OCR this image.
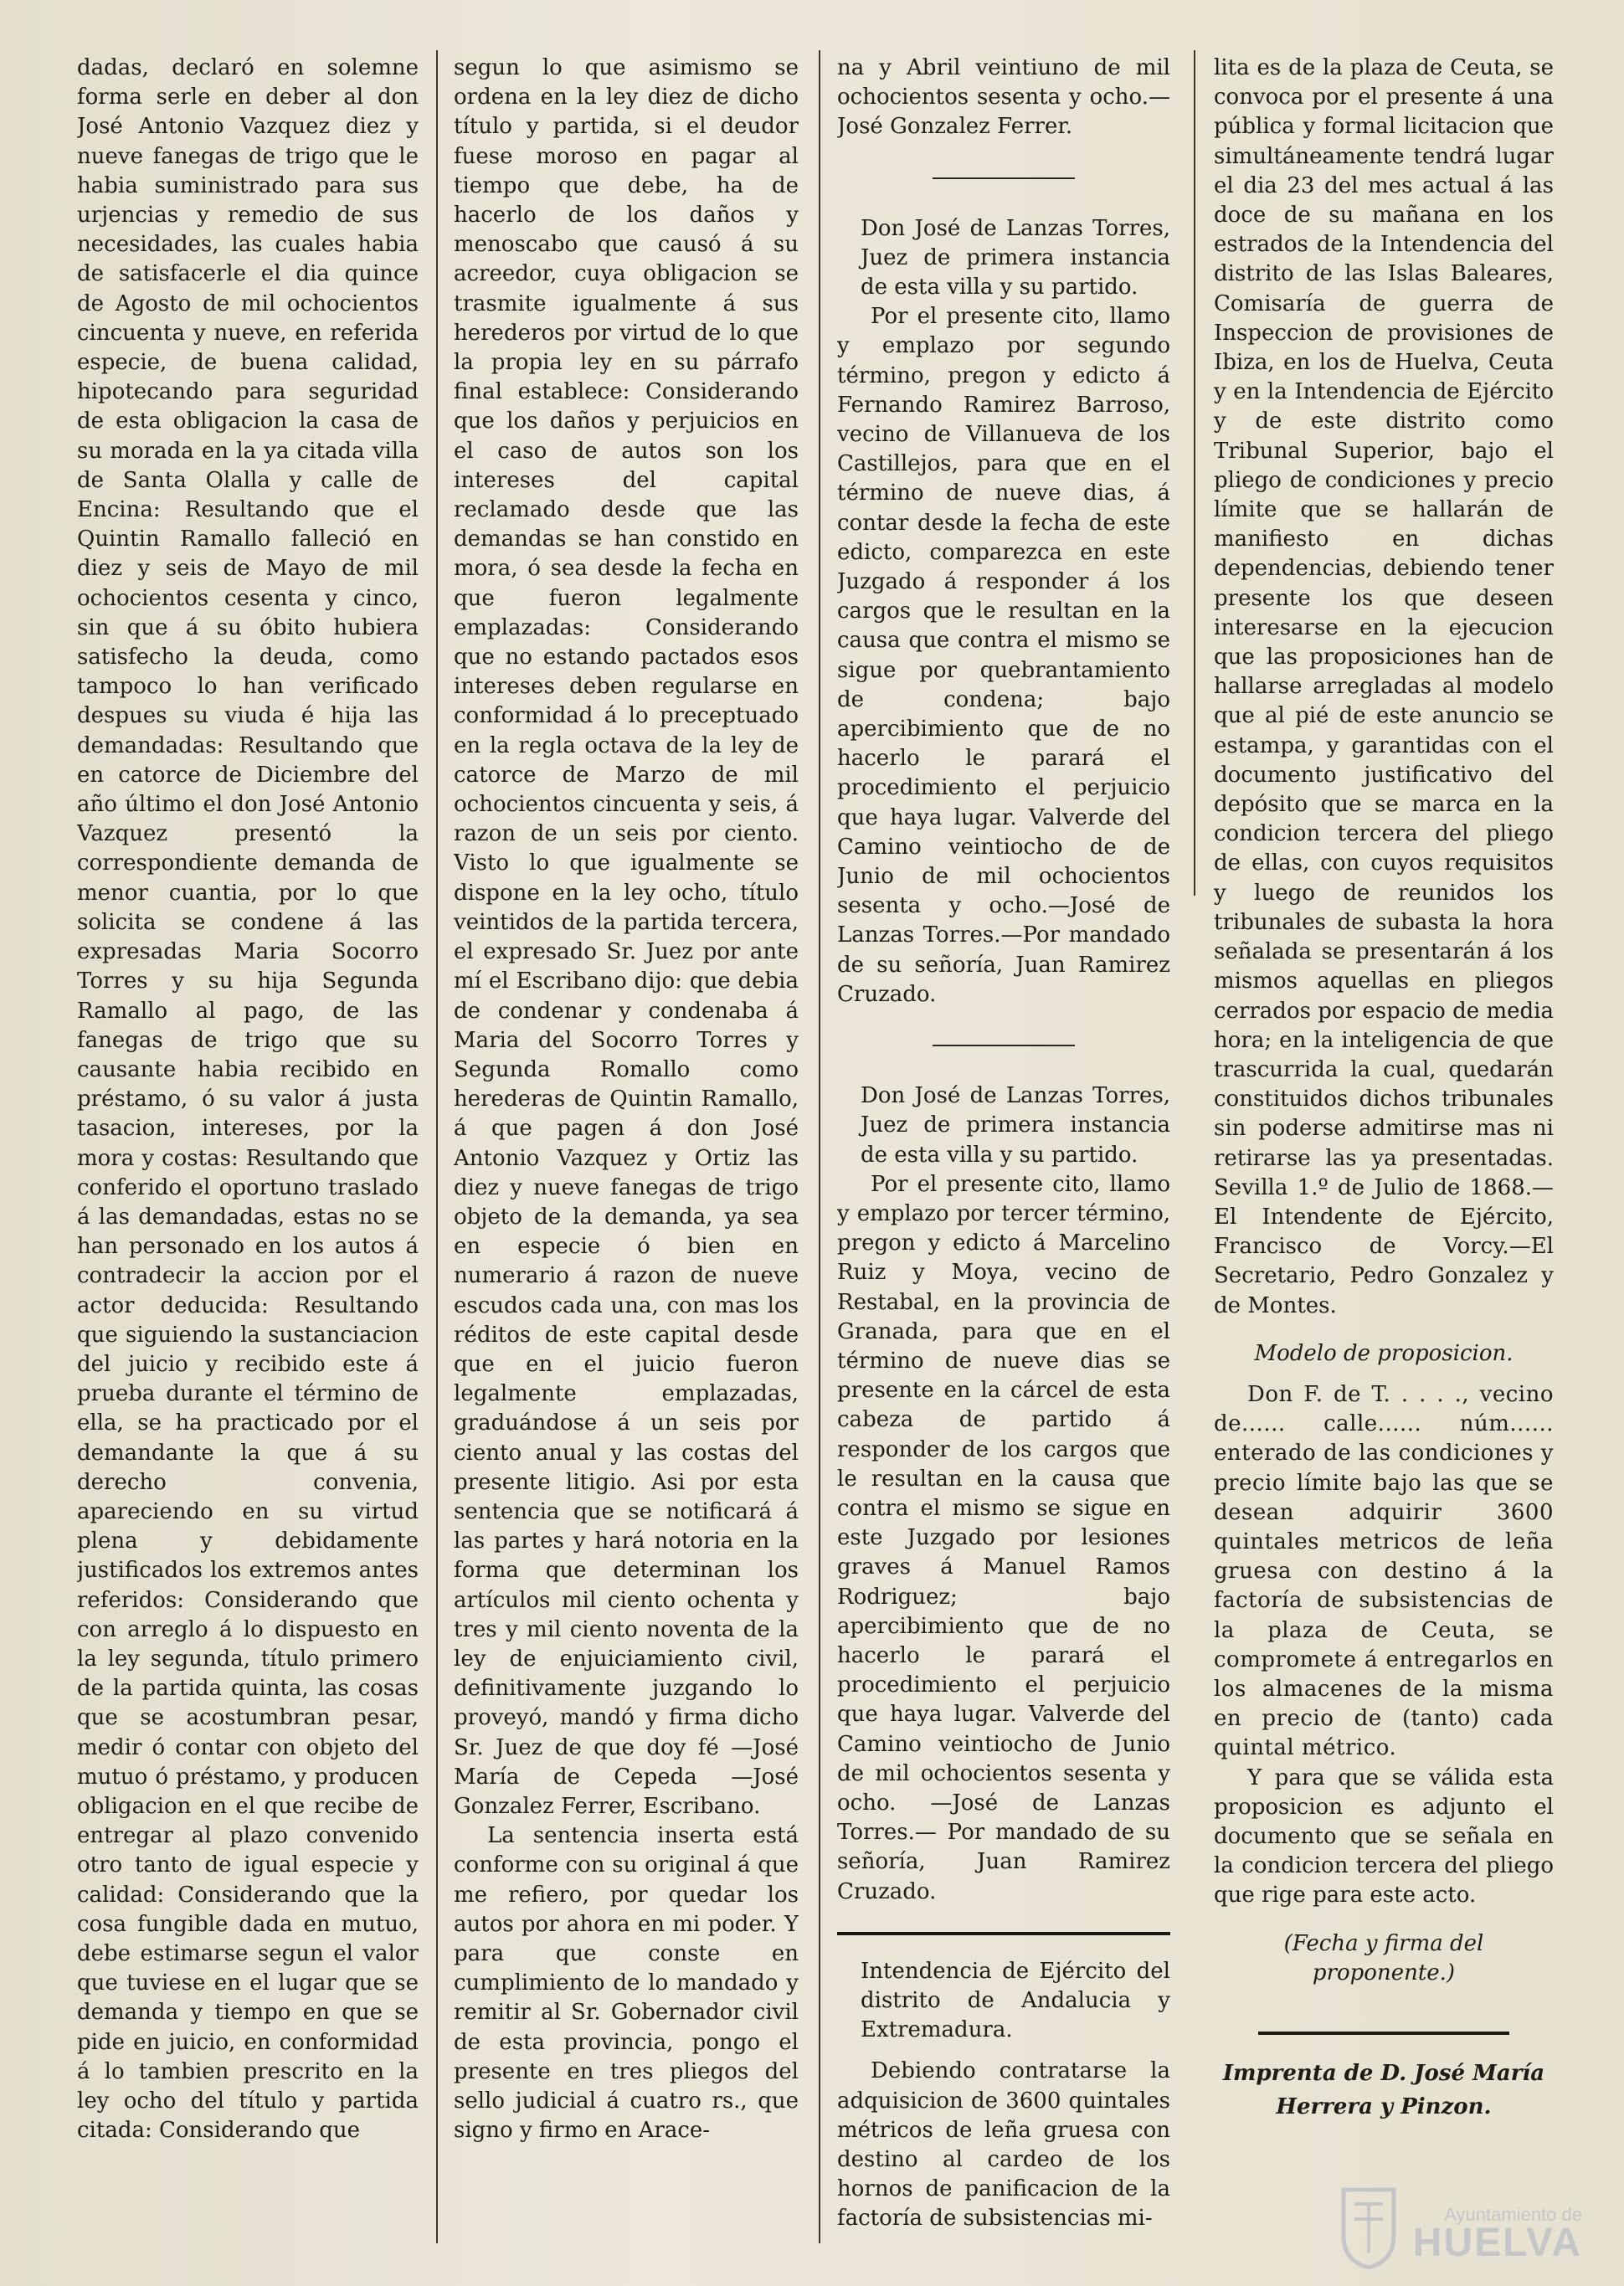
dadas, declaró en solemne forma serle en deber al don José Antonio Vazquez diez y nueve fanegas de trigo que le habia suministrado para sus urjencias y remedio de sus necesidades, las cuales habia de satisfacerle el dia quince de Agosto de mil ochocientos cincuenta y nueve, en referida especie, de buena calidad, hipotecando para seguridad de esta obligacion la casa de su morada en la ya citada villa de Santa Olalla y calle de Encina: Resultando que el Quintin Ramallo falleció en diez y seis de Mayo de mil ochocientos cesenta y cinco, sin que á su óbito hubiera satisfecho la deuda, como tampoco lo han verificado despues su viuda é hija las demandadas: Resultando que en catorce de Diciembre del año último el don José Antonio Vazquez presentó la correspondiente demanda de menor cuantia, por lo que solicita se condene á las expresadas Maria Socorro Torres y su hija Segunda Ramallo al pago, de las fanegas de trigo que su causante habia recibido en préstamo, ó su valor á justa tasacion, intereses, por la mora y costas: Resultando que conferido el oportuno traslado á las demandadas, estas no se han personado en los autos á contradecir la accion por el actor deducida: Resultando que siguiendo la sustanciacion del juicio y recibido este á prueba durante el término de ella, se ha practicado por el demandante la que á su derecho convenia, apareciendo en su virtud plena y debidamente justificados los extremos antes referidos: Considerando que con arreglo á lo dispuesto en la ley segunda, título primero de la partida quinta, las cosas que se acostumbran pesar, medir ó contar con objeto del mutuo ó préstamo, y producen obligacion en el que recibe de entregar al plazo convenido otro tanto de igual especie y calidad: Considerando que la cosa fungible dada en mutuo, debe estimarse segun el valor que tuviese en el lugar que se demanda y tiempo en que se pide en juicio, en conformidad á lo tambien prescrito en la ley ocho del título y partida citada: Considerando que

segun lo que asimismo se ordena en la ley diez de dicho título y partida, si el deudor fuese moroso en pagar al tiempo que debe, ha de hacerlo de los daños y menoscabo que causó á su acreedor, cuya obligacion se trasmite igualmente á sus herederos por virtud de lo que la propia ley en su párrafo final establece: Considerando que los daños y perjuicios en el caso de autos son los intereses del capital reclamado desde que las demandas se han constido en mora, ó sea desde la fecha en que fueron legalmente emplazadas: Considerando que no estando pactados esos intereses deben regularse en conformidad á lo preceptuado en la regla octava de la ley de catorce de Marzo de mil ochocientos cincuenta y seis, á razon de un seis por ciento. Visto lo que igualmente se dispone en la ley ocho, título veintidos de la partida tercera, el expresado Sr. Juez por ante mí el Escribano dijo: que debia de condenar y condenaba á Maria del Socorro Torres y Segunda Romallo como herederas de Quintin Ramallo, á que pagen á don José Antonio Vazquez y Ortiz las diez y nueve fanegas de trigo objeto de la demanda, ya sea en especie ó bien en numerario á razon de nueve escudos cada una, con mas los réditos de este capital desde que en el juicio fueron legalmente emplazadas, graduándose á un seis por ciento anual y las costas del presente litigio. Asi por esta sentencia que se notificará á las partes y hará notoria en la forma que determinan los artículos mil ciento ochenta y tres y mil ciento noventa de la ley de enjuiciamiento civil, definitivamente juzgando lo proveyó, mandó y firma dicho Sr. Juez de que doy fé —José María de Cepeda —José Gonzalez Ferrer, Escribano.

La sentencia inserta está conforme con su original á que me refiero, por quedar los autos por ahora en mi poder. Y para que conste en cumplimiento de lo mandado y remitir al Sr. Gobernador civil de esta provincia, pongo el presente en tres pliegos del sello judicial á cuatro rs., que signo y firmo en Arace-

na y Abril veintiuno de mil ochocientos sesenta y ocho.— José Gonzalez Ferrer.

Don José de Lanzas Torres, Juez de primera instancia de esta villa y su partido.

Por el presente cito, llamo y emplazo por segundo término, pregon y edicto á Fernando Ramirez Barroso, vecino de Villanueva de los Castillejos, para que en el término de nueve dias, á contar desde la fecha de este edicto, comparezca en este Juzgado á responder á los cargos que le resultan en la causa que contra el mismo se sigue por quebrantamiento de condena; bajo apercibimiento que de no hacerlo le parará el procedimiento el perjuicio que haya lugar. Valverde del Camino veintiocho de de Junio de mil ochocientos sesenta y ocho.—José de Lanzas Torres.—Por mandado de su señoría, Juan Ramirez Cruzado.

Don José de Lanzas Torres, Juez de primera instancia de esta villa y su partido.

Por el presente cito, llamo y emplazo por tercer término, pregon y edicto á Marcelino Ruiz y Moya, vecino de Restabal, en la provincia de Granada, para que en el término de nueve dias se presente en la cárcel de esta cabeza de partido á responder de los cargos que le resultan en la causa que contra el mismo se sigue en este Juzgado por lesiones graves á Manuel Ramos Rodriguez; bajo apercibimiento que de no hacerlo le parará el procedimiento el perjuicio que haya lugar. Valverde del Camino veintiocho de Junio de mil ochocientos sesenta y ocho. —José de Lanzas Torres.— Por mandado de su señoría, Juan Ramirez Cruzado.

Intendencia de Ejército del distrito de Andalucia y Extremadura.

Debiendo contratarse la adquisicion de 3600 quintales métricos de leña gruesa con destino al cardeo de los hornos de panificacion de la factoría de subsistencias mi-

lita es de la plaza de Ceuta, se convoca por el presente á una pública y formal licitacion que simultáneamente tendrá lugar el dia 23 del mes actual á las doce de su mañana en los estrados de la Intendencia del distrito de las Islas Baleares, Comisaría de guerra de Inspeccion de provisiones de Ibiza, en los de Huelva, Ceuta y en la Intendencia de Ejército y de este distrito como Tribunal Superior, bajo el pliego de condiciones y precio límite que se hallarán de manifiesto en dichas dependencias, debiendo tener presente los que deseen interesarse en la ejecucion que las proposiciones han de hallarse arregladas al modelo que al pié de este anuncio se estampa, y garantidas con el documento justificativo del depósito que se marca en la condicion tercera del pliego de ellas, con cuyos requisitos y luego de reunidos los tribunales de subasta la hora señalada se presentarán á los mismos aquellas en pliegos cerrados por espacio de media hora; en la inteligencia de que trascurrida la cual, quedarán constituidos dichos tribunales sin poderse admitirse mas ni retirarse las ya presentadas. Sevilla 1.º de Julio de 1868.—El Intendente de Ejército, Francisco de Vorcy.—El Secretario, Pedro Gonzalez y de Montes.

Modelo de proposicion.

Don F. de T. . . . ., vecino de...... calle...... núm...... enterado de las condiciones y precio límite bajo las que se desean adquirir 3600 quintales metricos de leña gruesa con destino á la factoría de subsistencias de la plaza de Ceuta, se compromete á entregarlos en los almacenes de la misma en precio de (tanto) cada quintal métrico.

Y para que se válida esta proposicion es adjunto el documento que se señala en la condicion tercera del pliego que rige para este acto.

(Fecha y firma del proponente.)

Imprenta de D. José María

Herrera y Pinzon.

Ayuntamiento de
HUELVA
